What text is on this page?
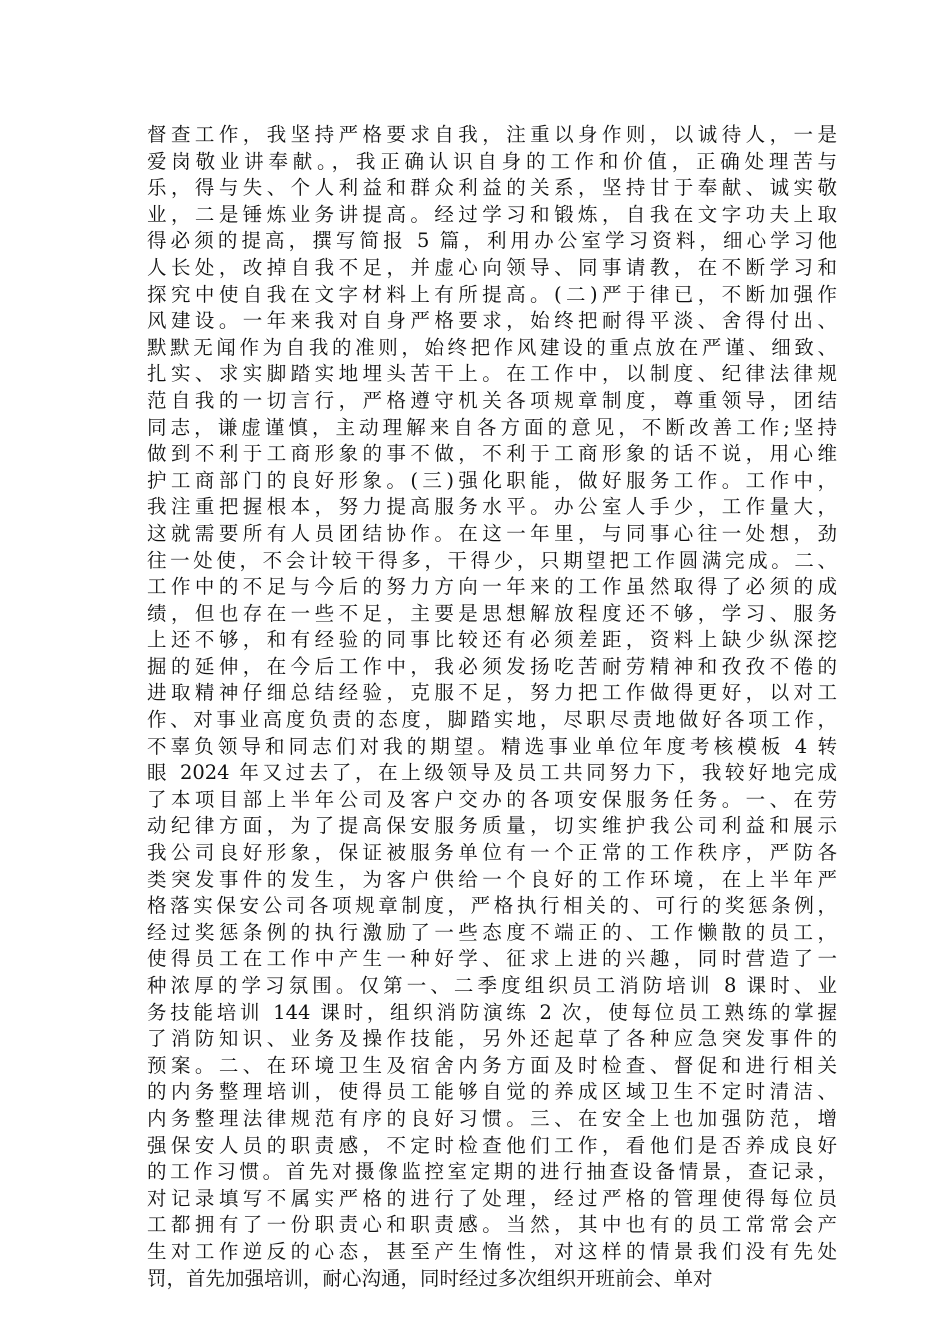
督查工作，我坚持严格要求自我，注重以身作则，以诚待人，一是
爱岗敬业讲奉献。，我正确认识自身的工作和价值，正确处理苦与
乐，得与失、个人利益和群众利益的关系，坚持甘于奉献、诚实敬
业，二是锤炼业务讲提高。经过学习和锻炼，自我在文字功夫上取
得必须的提高，撰写简报 5 篇，利用办公室学习资料，细心学习他
人长处，改掉自我不足，并虚心向领导、同事请教，在不断学习和
探究中使自我在文字材料上有所提高。(二)严于律已，不断加强作
风建设。一年来我对自身严格要求，始终把耐得平淡、舍得付出、
默默无闻作为自我的准则，始终把作风建设的重点放在严谨、细致、
扎实、求实脚踏实地埋头苦干上。在工作中，以制度、纪律法律规
范自我的一切言行，严格遵守机关各项规章制度，尊重领导，团结
同志，谦虚谨慎，主动理解来自各方面的意见，不断改善工作;坚持
做到不利于工商形象的事不做，不利于工商形象的话不说，用心维
护工商部门的良好形象。(三)强化职能，做好服务工作。工作中，
我注重把握根本，努力提高服务水平。办公室人手少，工作量大，
这就需要所有人员团结协作。在这一年里，与同事心往一处想，劲
往一处使，不会计较干得多，干得少，只期望把工作圆满完成。二、
工作中的不足与今后的努力方向一年来的工作虽然取得了必须的成
绩，但也存在一些不足，主要是思想解放程度还不够，学习、服务
上还不够，和有经验的同事比较还有必须差距，资料上缺少纵深挖
掘的延伸，在今后工作中，我必须发扬吃苦耐劳精神和孜孜不倦的
进取精神仔细总结经验，克服不足，努力把工作做得更好，以对工
作、对事业高度负责的态度，脚踏实地，尽职尽责地做好各项工作，
不辜负领导和同志们对我的期望。精选事业单位年度考核模板 4 转
眼 2024 年又过去了，在上级领导及员工共同努力下，我较好地完成
了本项目部上半年公司及客户交办的各项安保服务任务。一、在劳
动纪律方面，为了提高保安服务质量，切实维护我公司利益和展示
我公司良好形象，保证被服务单位有一个正常的工作秩序，严防各
类突发事件的发生，为客户供给一个良好的工作环境，在上半年严
格落实保安公司各项规章制度，严格执行相关的、可行的奖惩条例，
经过奖惩条例的执行激励了一些态度不端正的、工作懒散的员工，
使得员工在工作中产生一种好学、征求上进的兴趣，同时营造了一
种浓厚的学习氛围。仅第一、二季度组织员工消防培训 8 课时、业
务技能培训 144 课时，组织消防演练 2 次，使每位员工熟练的掌握
了消防知识、业务及操作技能，另外还起草了各种应急突发事件的
预案。二、在环境卫生及宿舍内务方面及时检查、督促和进行相关
的内务整理培训，使得员工能够自觉的养成区域卫生不定时清洁、
内务整理法律规范有序的良好习惯。三、在安全上也加强防范，增
强保安人员的职责感，不定时检查他们工作，看他们是否养成良好
的工作习惯。首先对摄像监控室定期的进行抽查设备情景，查记录，
对记录填写不属实严格的进行了处理，经过严格的管理使得每位员
工都拥有了一份职责心和职责感。当然，其中也有的员工常常会产
生对工作逆反的心态，甚至产生惰性，对这样的情景我们没有先处
罚，首先加强培训，耐心沟通，同时经过多次组织开班前会、单对
